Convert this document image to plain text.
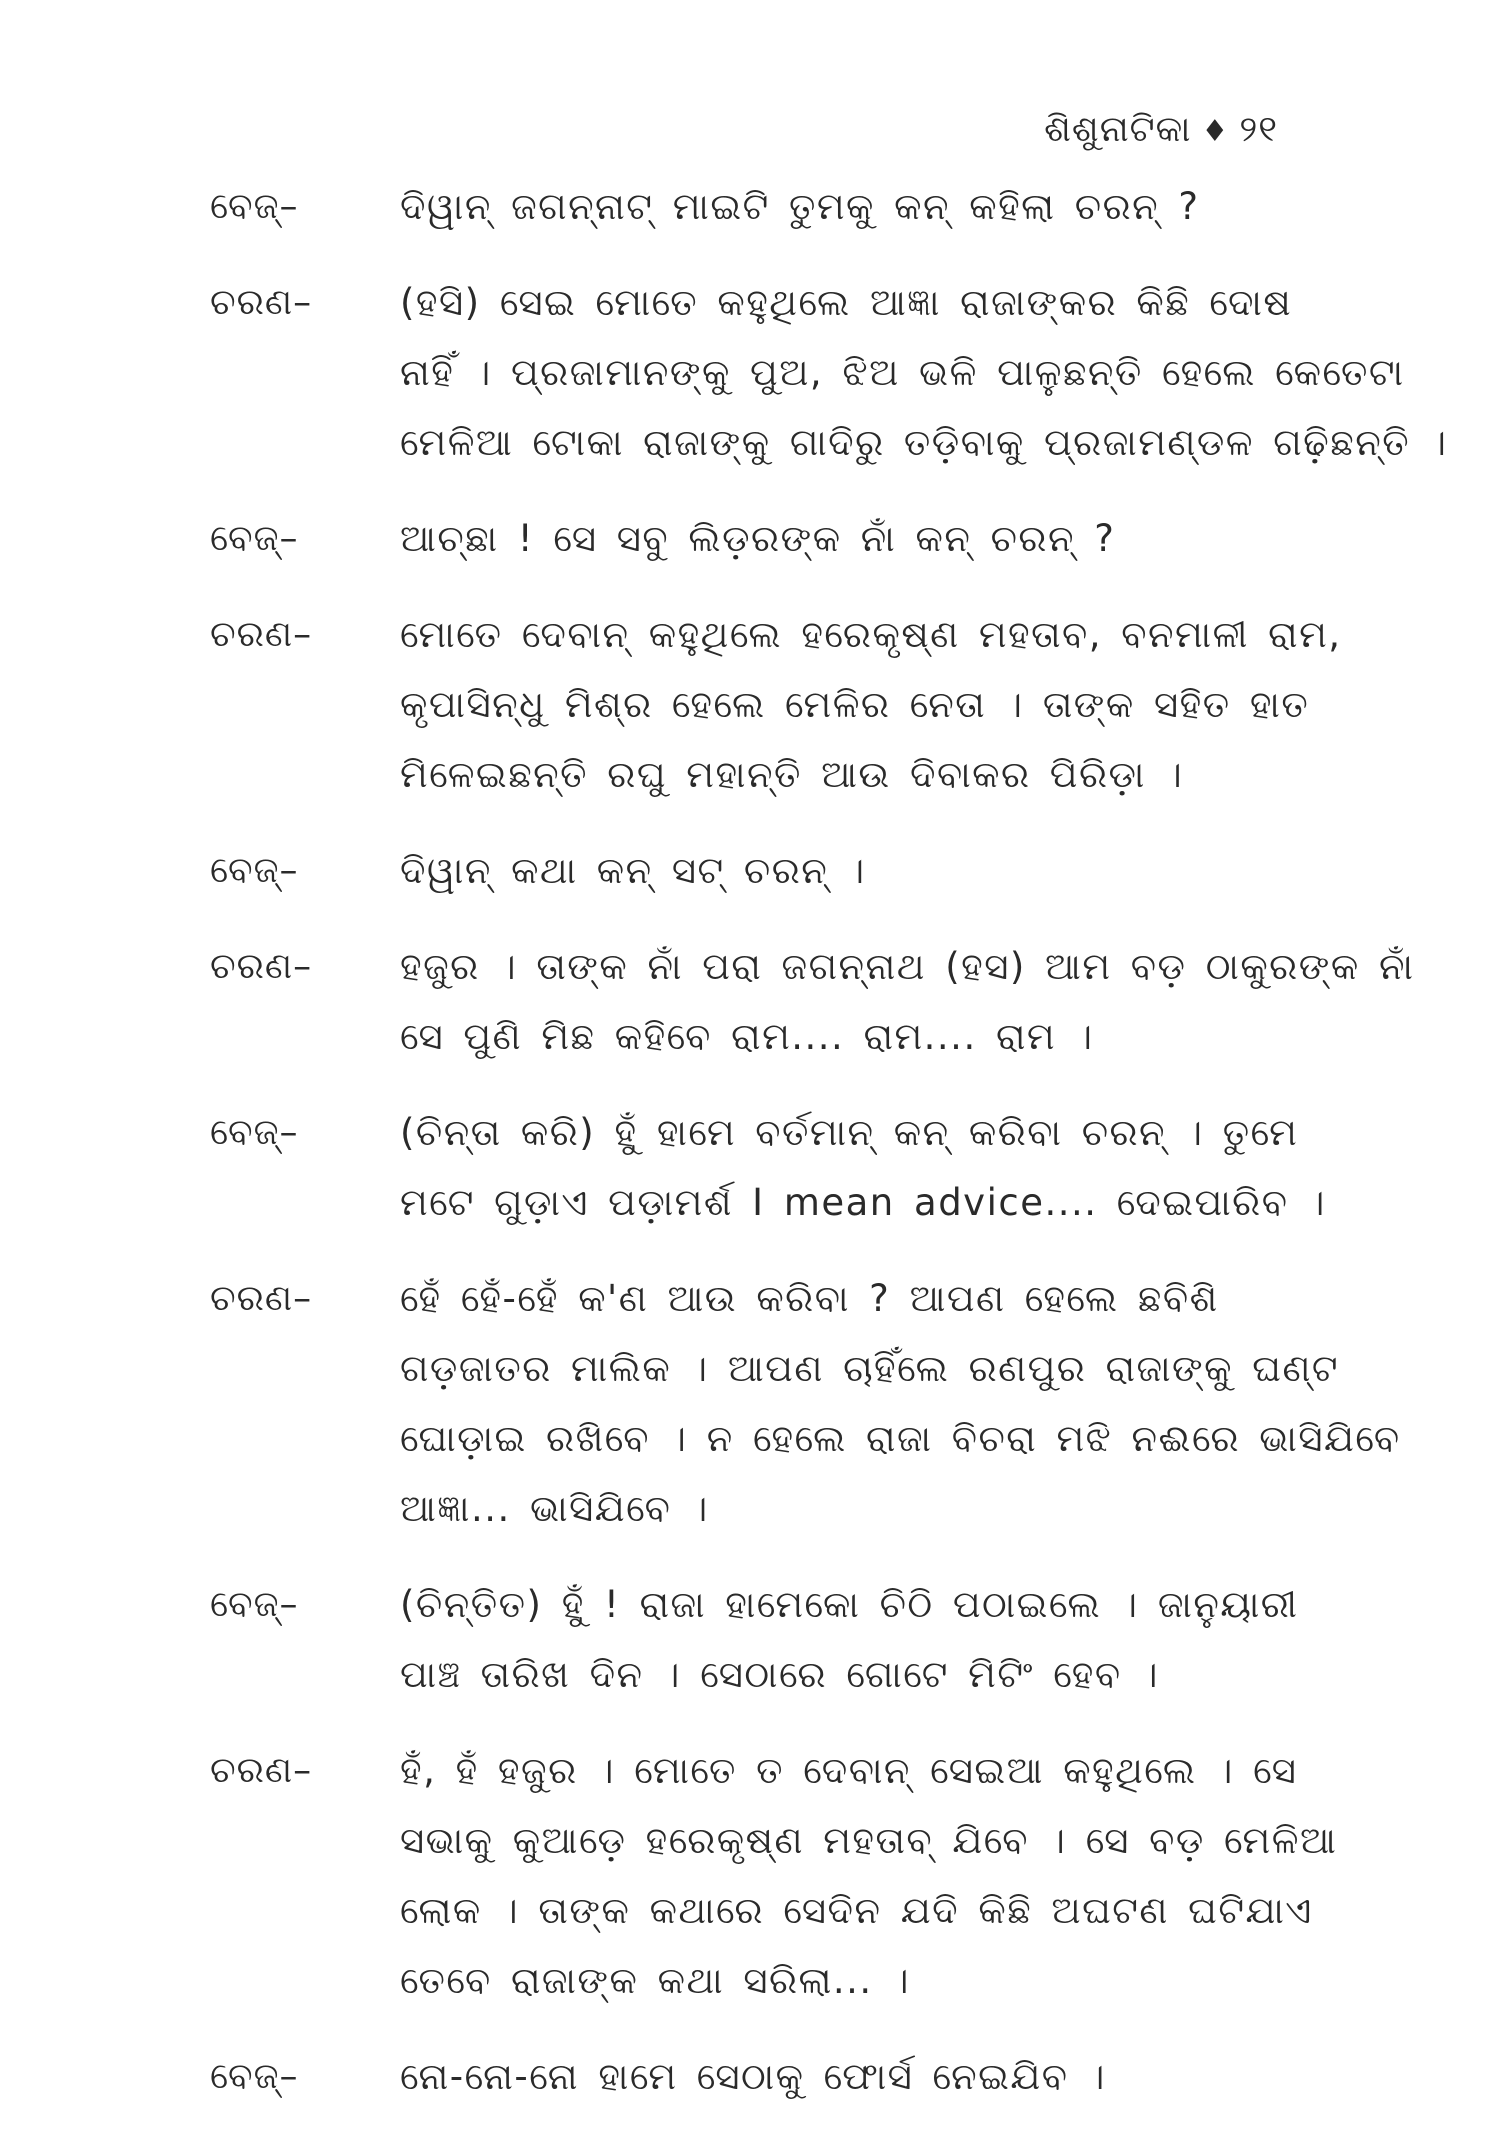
ଶିଶୁନାଟିକା ♦ ୨୧
ବେଜ୍‌–	ଦିୱାନ୍ ଜଗନ୍ନାଟ୍ ମାଇଟି ତୁମକୁ କନ୍ କହିଲା ଚରନ୍ ?
ଚରଣ–	(ହସି) ସେଇ ମୋତେ କହୁଥିଲେ ଆଜ୍ଞା ରାଜାଙ୍କର କିଛି ଦୋଷ
ନାହିଁ । ପ୍ରଜାମାନଙ୍କୁ ପୁଅ, ଝିଅ ଭଳି ପାଳୁଛନ୍ତି ହେଲେ କେତେଟା
ମେଳିଆ ଟୋକା ରାଜାଙ୍କୁ ଗାଦିରୁ ତଡ଼ିବାକୁ ପ୍ରଜାମଣ୍ଡଳ ଗଢ଼ିଛନ୍ତି ।
ବେଜ୍‌–	ଆଚ୍ଛା ! ସେ ସବୁ ଲିଡ଼ରଙ୍କ ନାଁ କନ୍ ଚରନ୍ ?
ଚରଣ–	ମୋତେ ଦେବାନ୍ କହୁଥିଲେ ହରେକୃଷ୍ଣ ମହତାବ, ବନମାଳୀ ରାମ,
କୃପାସିନ୍ଧୁ ମିଶ୍ର ହେଲେ ମେଳିର ନେତା । ତାଙ୍କ ସହିତ ହାତ
ମିଳେଇଛନ୍ତି ରଘୁ ମହାନ୍ତି ଆଉ ଦିବାକର ପିରିଡ଼ା ।
ବେଜ୍‌–	ଦିୱାନ୍ କଥା କନ୍ ସଟ୍ ଚରନ୍ ।
ଚରଣ–	ହଜୁର । ତାଙ୍କ ନାଁ ପରା ଜଗନ୍ନାଥ (ହସ) ଆମ ବଡ଼ ଠାକୁରଙ୍କ ନାଁ
ସେ ପୁଣି ମିଛ କହିବେ ରାମ.... ରାମ.... ରାମ ।
ବେଜ୍‌–	(ଚିନ୍ତା କରି) ହୁଁ ହାମେ ବର୍ତମାନ୍ କନ୍ କରିବା ଚରନ୍ । ତୁମେ
ମଟେ ଗୁଡ଼ାଏ ପଡ଼ାମର୍ଶ I mean advice.... ଦେଇପାରିବ ।
ଚରଣ–	ହେଁ ହେଁ-ହେଁ କ'ଣ ଆଉ କରିବା ? ଆପଣ ହେଲେ ଛବିଶି
ଗଡ଼ଜାତର ମାଲିକ । ଆପଣ ଚାହିଁଲେ ରଣପୁର ରାଜାଙ୍କୁ ଘଣ୍ଟ
ଘୋଡ଼ାଇ ରଖିବେ । ନ ହେଲେ ରାଜା ବିଚରା ମଝି ନଈରେ ଭାସିଯିବେ
ଆଜ୍ଞା... ଭାସିଯିବେ ।
ବେଜ୍‌–	(ଚିନ୍ତିତ) ହୁଁ ! ରାଜା ହାମେକୋ ଚିଠି ପଠାଇଲେ । ଜାନୁୟାରୀ
ପାଞ୍ଚ ତାରିଖ ଦିନ । ସେଠାରେ ଗୋଟେ ମିଟିଂ ହେବ ।
ଚରଣ–	ହଁ, ହଁ ହଜୁର । ମୋତେ ତ ଦେବାନ୍ ସେଇଆ କହୁଥିଲେ । ସେ
ସଭାକୁ କୁଆଡ଼େ ହରେକୃଷ୍ଣ ମହତାବ୍ ଯିବେ । ସେ ବଡ଼ ମେଳିଆ
ଲୋକ । ତାଙ୍କ କଥାରେ ସେଦିନ ଯଦି କିଛି ଅଘଟଣ ଘଟିଯାଏ
ତେବେ ରାଜାଙ୍କ କଥା ସରିଲା... ।
ବେଜ୍‌–	ନୋ-ନୋ-ନୋ ହାମେ ସେଠାକୁ ଫୋର୍ସ ନେଇଯିବ ।
